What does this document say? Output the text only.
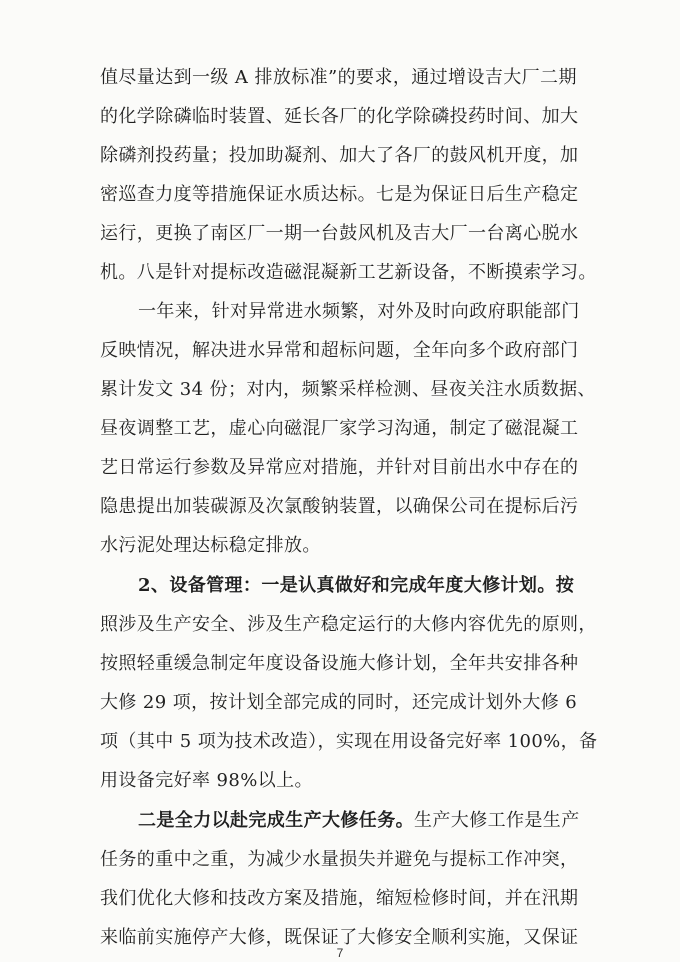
值尽量达到一级 A 排放标准”的要求，通过增设吉大厂二期
的化学除磷临时装置、延长各厂的化学除磷投药时间、加大
除磷剂投药量；投加助凝剂、加大了各厂的鼓风机开度，加
密巡查力度等措施保证水质达标。七是为保证日后生产稳定
运行，更换了南区厂一期一台鼓风机及吉大厂一台离心脱水
机。八是针对提标改造磁混凝新工艺新设备，不断摸索学习。
一年来，针对异常进水频繁，对外及时向政府职能部门
反映情况，解决进水异常和超标问题，全年向多个政府部门
累计发文 34 份；对内，频繁采样检测、昼夜关注水质数据、
昼夜调整工艺，虚心向磁混厂家学习沟通，制定了磁混凝工
艺日常运行参数及异常应对措施，并针对目前出水中存在的
隐患提出加装碳源及次氯酸钠装置，以确保公司在提标后污
水污泥处理达标稳定排放。
2、设备管理：一是认真做好和完成年度大修计划。按
照涉及生产安全、涉及生产稳定运行的大修内容优先的原则，
按照轻重缓急制定年度设备设施大修计划，全年共安排各种
大修 29 项，按计划全部完成的同时，还完成计划外大修 6
项（其中 5 项为技术改造），实现在用设备完好率 100%，备
用设备完好率 98%以上。
二是全力以赴完成生产大修任务。生产大修工作是生产
任务的重中之重，为减少水量损失并避免与提标工作冲突，
我们优化大修和技改方案及措施，缩短检修时间，并在汛期
来临前实施停产大修，既保证了大修安全顺利实施，又保证
7
